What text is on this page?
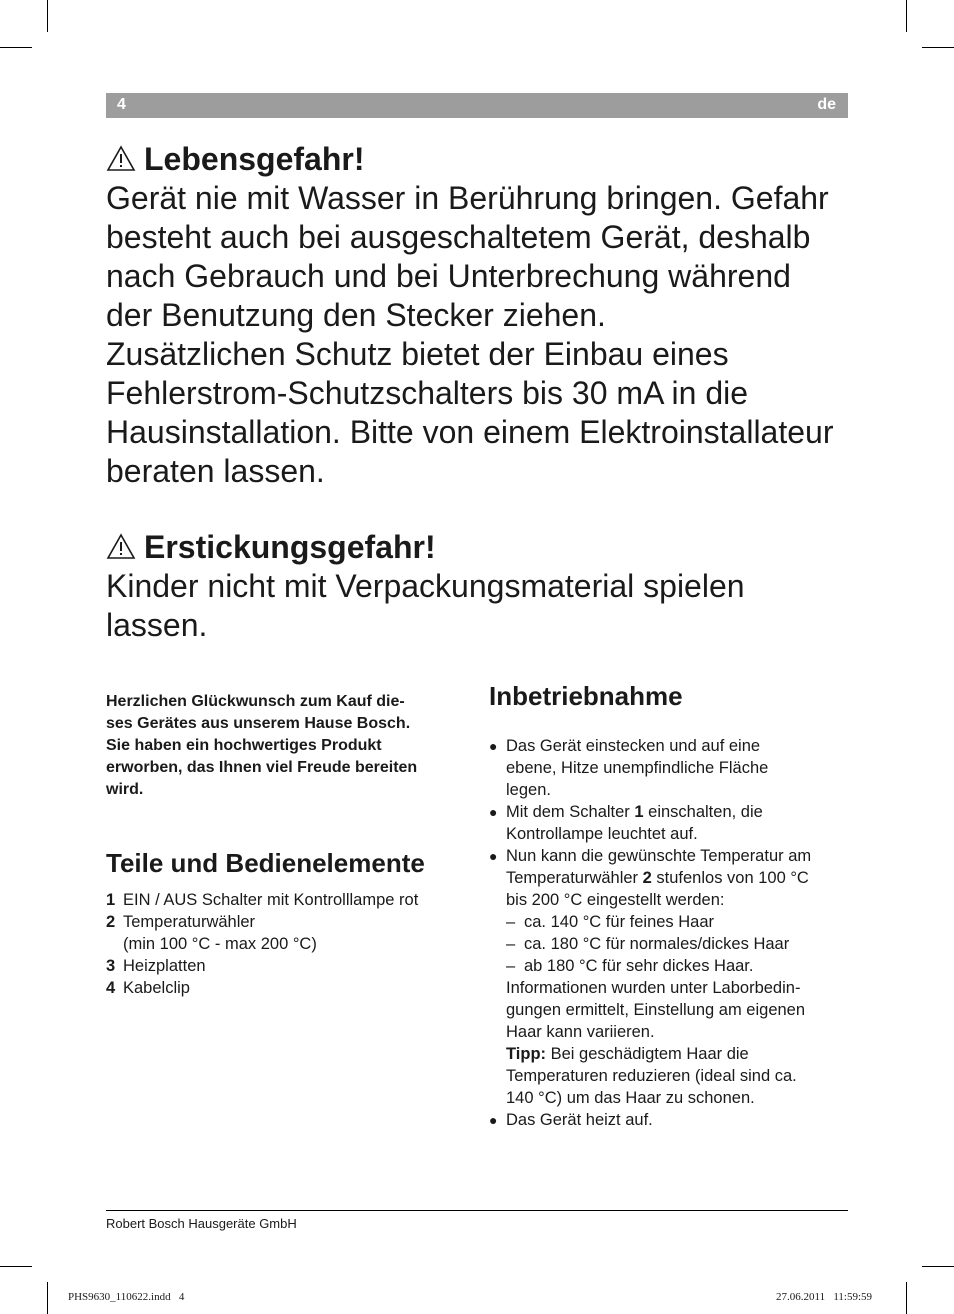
4	de
Lebensgefahr!
Gerät nie mit Wasser in Berührung bringen. Gefahr
besteht auch bei ausgeschaltetem Gerät, deshalb
nach Gebrauch und bei Unterbrechung während
der Benutzung den Stecker ziehen.
Zusätzlichen Schutz bietet der Einbau eines
Fehlerstrom-Schutzschalters bis 30 mA in die
Hausinstallation. Bitte von einem Elektroinstallateur
beraten lassen.
Erstickungsgefahr!
Kinder nicht mit Verpackungsmaterial spielen
lassen.
Herzlichen Glückwunsch zum Kauf die-
ses Gerätes aus unserem Hause Bosch.
Sie haben ein hochwertiges Produkt
erworben, das Ihnen viel Freude bereiten
wird.
Teile und Bedienelemente
1 EIN / AUS Schalter mit Kontrolllampe rot
2 Temperaturwähler
(min 100 °C - max 200 °C)
3 Heizplatten
4 Kabelclip
Inbetriebnahme
● Das Gerät einstecken und auf eine
ebene, Hitze unempfindliche Fläche
legen.
● Mit dem Schalter 1 einschalten, die
Kontrollampe leuchtet auf.
● Nun kann die gewünschte Temperatur am
Temperaturwähler 2 stufenlos von 100 °C
bis 200 °C eingestellt werden:
– ca. 140 °C für feines Haar
– ca. 180 °C für normales/dickes Haar
– ab 180 °C für sehr dickes Haar.
Informationen wurden unter Laborbedin-
gungen ermittelt, Einstellung am eigenen
Haar kann variieren.
Tipp: Bei geschädigtem Haar die
Temperaturen reduzieren (ideal sind ca.
140 °C) um das Haar zu schonen.
● Das Gerät heizt auf.
Robert Bosch Hausgeräte GmbH
PHS9630_110622.indd   4	27.06.2011   11:59:59
